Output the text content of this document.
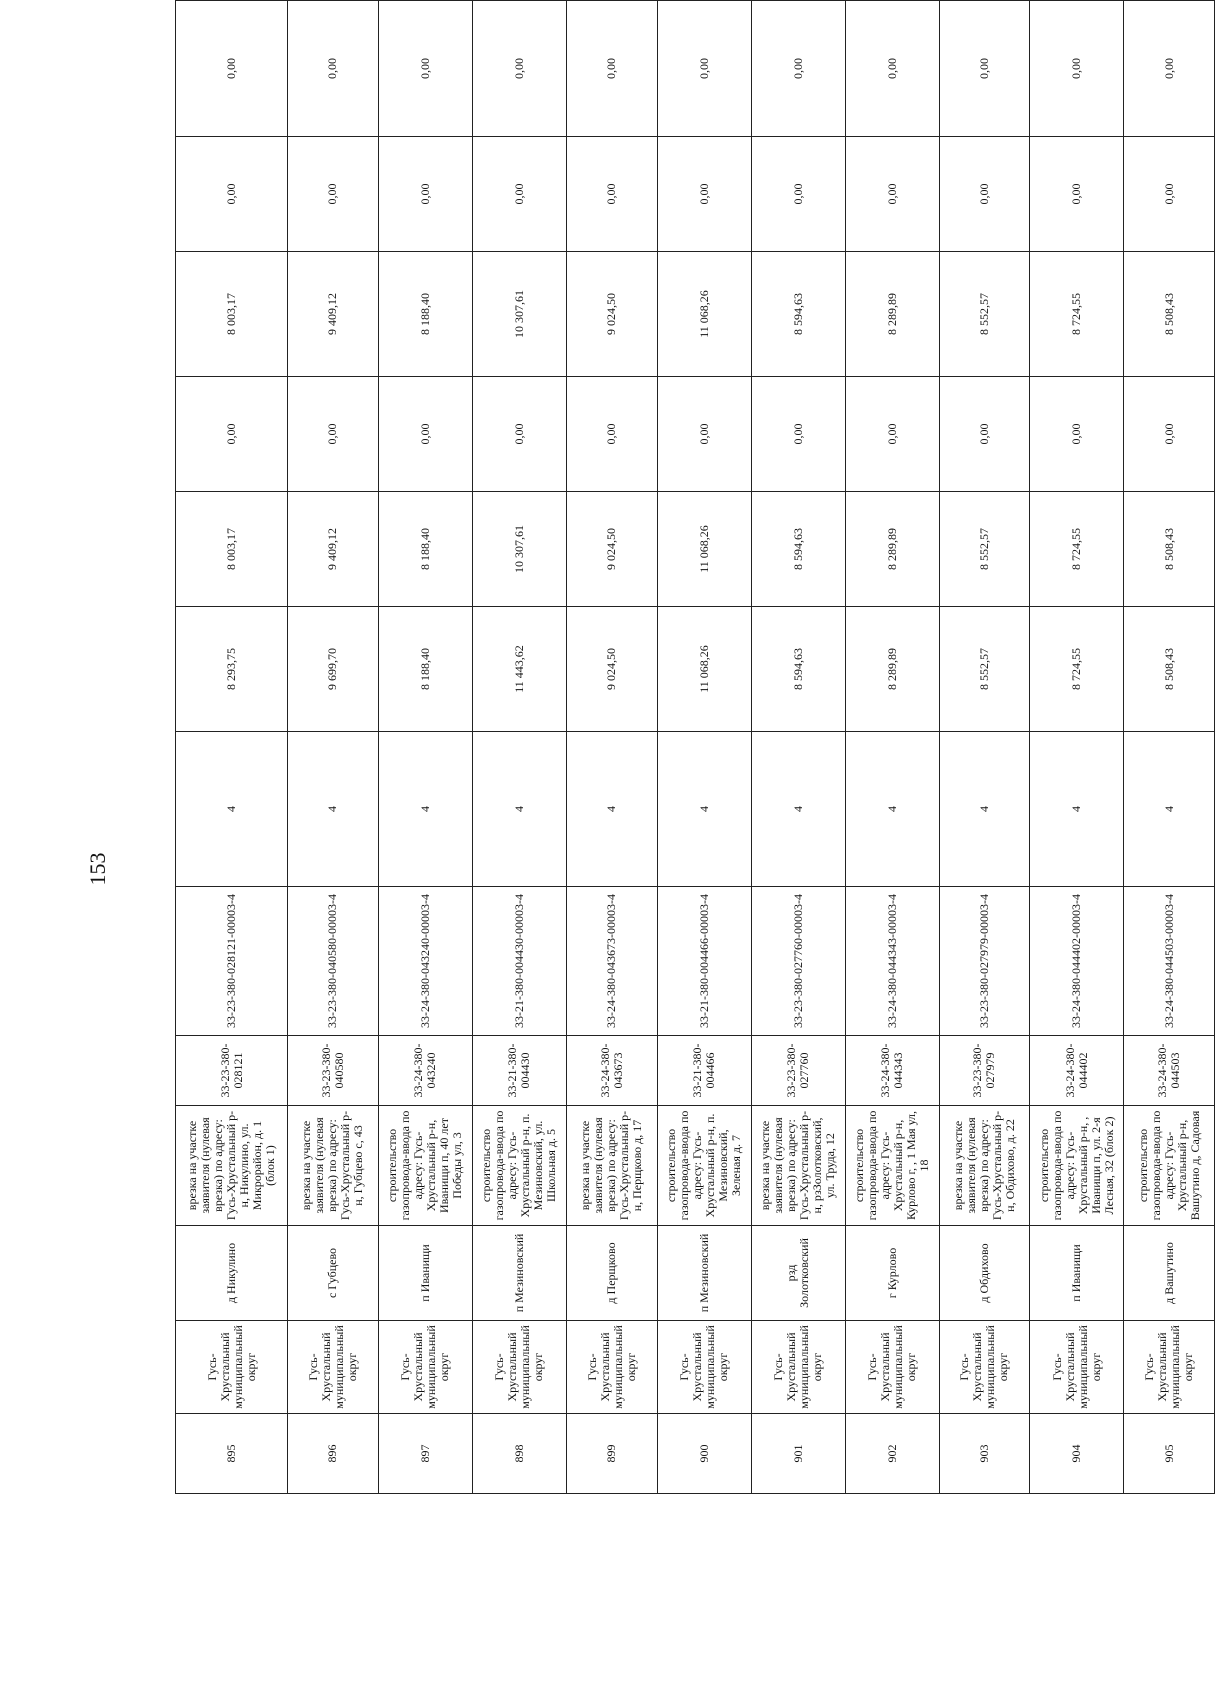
153
895	Гусь-Хрустальный муниципальный округ	д Никулино	врезка на участке заявителя (нулевая врезка) по адресу: Гусь-Хрустальный р-н, Никулино, ул. Микрорайон, д. 1 (блок 1)	33-23-380-028121	33-23-380-028121-00003-4	4	8 293,75	8 003,17	0,00	8 003,17	0,00	0,00
896	Гусь-Хрустальный муниципальный округ	с Губцево	врезка на участке заявителя (нулевая врезка) по адресу: Гусь-Хрустальный р-н, Губцево с, 43	33-23-380-040580	33-23-380-040580-00003-4	4	9 699,70	9 409,12	0,00	9 409,12	0,00	0,00
897	Гусь-Хрустальный муниципальный округ	п Иванищи	строительство газопровода-ввода по адресу: Гусь-Хрустальный р-н, Иванищи п, 40 лет Победы ул, 3	33-24-380-043240	33-24-380-043240-00003-4	4	8 188,40	8 188,40	0,00	8 188,40	0,00	0,00
898	Гусь-Хрустальный муниципальный округ	п Мезиновский	строительство газопровода-ввода по адресу: Гусь-Хрустальный р-н, п. Мезиновский, ул. Школьная д. 5	33-21-380-004430	33-21-380-004430-00003-4	4	11 443,62	10 307,61	0,00	10 307,61	0,00	0,00
899	Гусь-Хрустальный муниципальный округ	д Перщково	врезка на участке заявителя (нулевая врезка) по адресу: Гусь-Хрустальный р-н, Перщково д, 17	33-24-380-043673	33-24-380-043673-00003-4	4	9 024,50	9 024,50	0,00	9 024,50	0,00	0,00
900	Гусь-Хрустальный муниципальный округ	п Мезиновский	строительство газопровода-ввода по адресу: Гусь-Хрустальный р-н, п. Мезиновский, Зеленая д. 7	33-21-380-004466	33-21-380-004466-00003-4	4	11 068,26	11 068,26	0,00	11 068,26	0,00	0,00
901	Гусь-Хрустальный муниципальный округ	рзд Золотковский	врезка на участке заявителя (нулевая врезка) по адресу: Гусь-Хрустальный р-н, рзЗолотковский, ул. Труда, 12	33-23-380-027760	33-23-380-027760-00003-4	4	8 594,63	8 594,63	0,00	8 594,63	0,00	0,00
902	Гусь-Хрустальный муниципальный округ	г Курлово	строительство газопровода-ввода по адресу: Гусь-Хрустальный р-н, Курлово г, , 1 Мая ул, 18	33-24-380-044343	33-24-380-044343-00003-4	4	8 289,89	8 289,89	0,00	8 289,89	0,00	0,00
903	Гусь-Хрустальный муниципальный округ	д Обдихово	врезка на участке заявителя (нулевая врезка) по адресу: Гусь-Хрустальный р-н, Обдихово, д. 22	33-23-380-027979	33-23-380-027979-00003-4	4	8 552,57	8 552,57	0,00	8 552,57	0,00	0,00
904	Гусь-Хрустальный муниципальный округ	п Иванищи	строительство газопровода-ввода по адресу: Гусь-Хрустальный р-н, , Иванищи п, ул. 2-я Лесная, 32 (блок 2)	33-24-380-044402	33-24-380-044402-00003-4	4	8 724,55	8 724,55	0,00	8 724,55	0,00	0,00
905	Гусь-Хрустальный муниципальный округ	д Вашутино	строительство газопровода-ввода по адресу: Гусь-Хрустальный р-н, Вашутино д, Садовая	33-24-380-044503	33-24-380-044503-00003-4	4	8 508,43	8 508,43	0,00	8 508,43	0,00	0,00
